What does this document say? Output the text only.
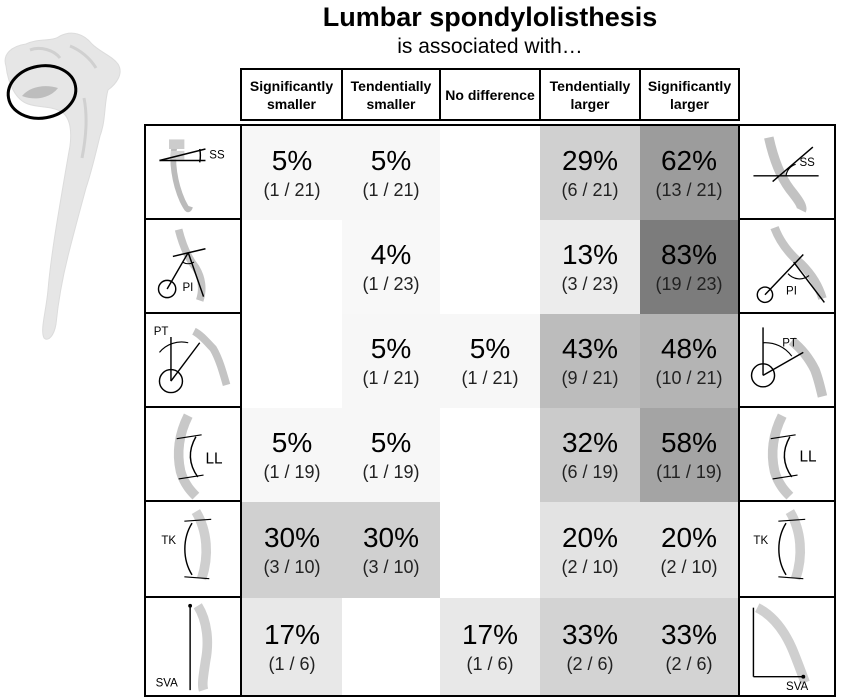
Lumbar spondylolisthesis
is associated with…
Significantly smaller
Tendentially smaller
No difference
Tendentially larger
Significantly larger
SS
PI
PT
LL
TK
SVA
SS
PI
PT
LL
TK
SVA
5%
(1 / 21)
5%
(1 / 21)
29%
(6 / 21)
62%
(13 / 21)
4%
(1 / 23)
13%
(3 / 23)
83%
(19 / 23)
5%
(1 / 21)
5%
(1 / 21)
43%
(9 / 21)
48%
(10 / 21)
5%
(1 / 19)
5%
(1 / 19)
32%
(6 / 19)
58%
(11 / 19)
30%
(3 / 10)
30%
(3 / 10)
20%
(2 / 10)
20%
(2 / 10)
17%
(1 / 6)
17%
(1 / 6)
33%
(2 / 6)
33%
(2 / 6)
